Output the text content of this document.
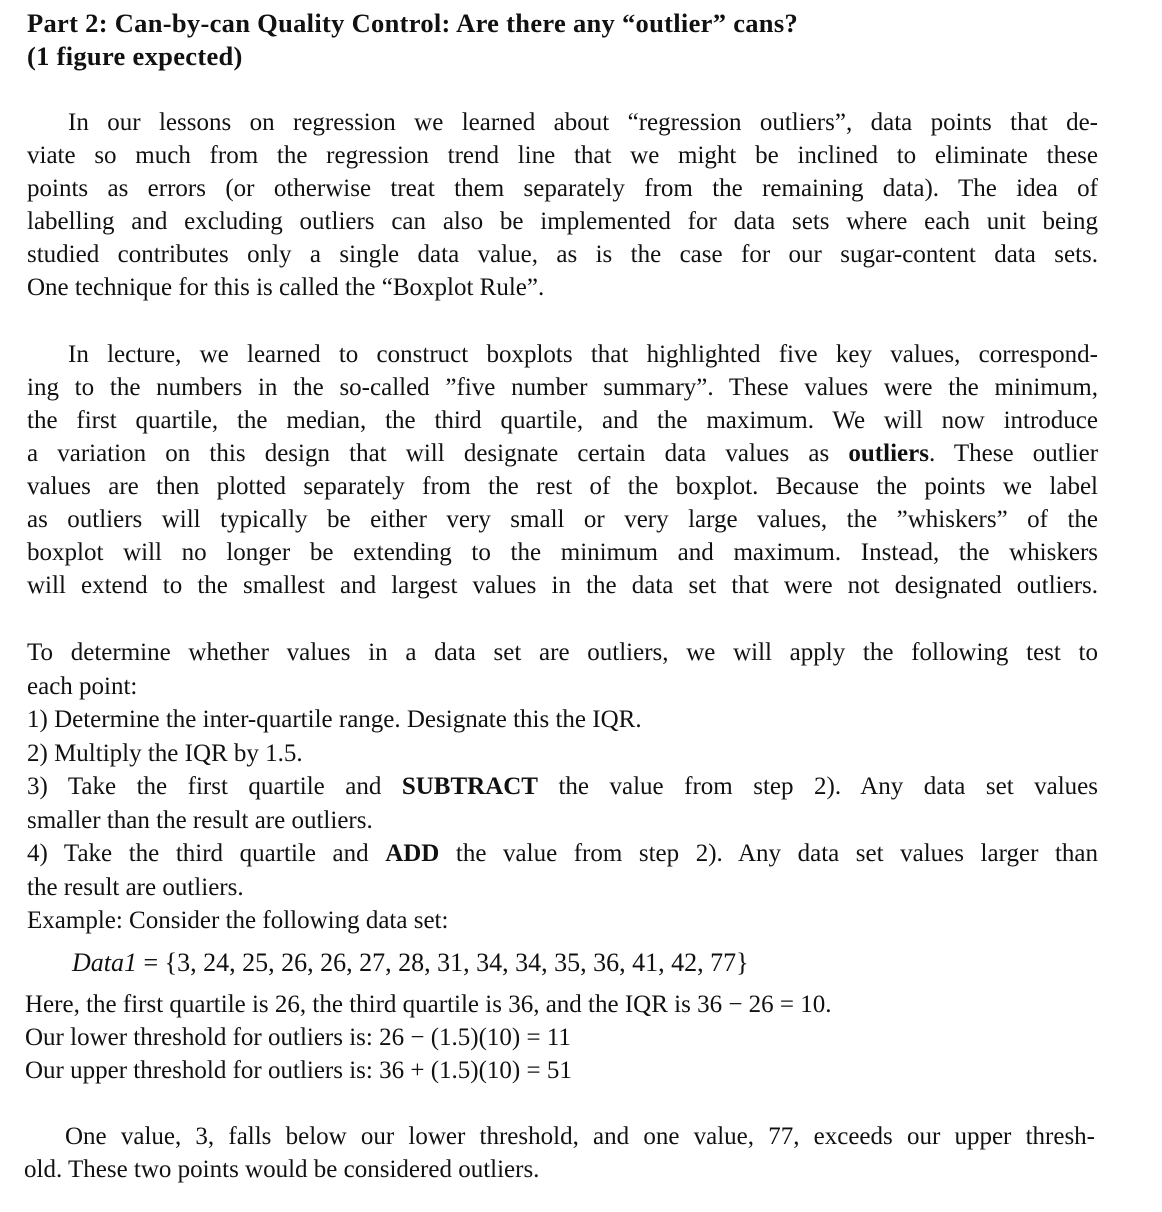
Part 2: Can-by-can Quality Control: Are there any “outlier” cans?
(1 figure expected)
In our lessons on regression we learned about “regression outliers”, data points that de-
viate so much from the regression trend line that we might be inclined to eliminate these
points as errors (or otherwise treat them separately from the remaining data). The idea of
labelling and excluding outliers can also be implemented for data sets where each unit being
studied contributes only a single data value, as is the case for our sugar-content data sets.
One technique for this is called the “Boxplot Rule”.
In lecture, we learned to construct boxplots that highlighted five key values, correspond-
ing to the numbers in the so-called ”five number summary”. These values were the minimum,
the first quartile, the median, the third quartile, and the maximum. We will now introduce
a variation on this design that will designate certain data values as outliers. These outlier
values are then plotted separately from the rest of the boxplot. Because the points we label
as outliers will typically be either very small or very large values, the ”whiskers” of the
boxplot will no longer be extending to the minimum and maximum. Instead, the whiskers
will extend to the smallest and largest values in the data set that were not designated outliers.
To determine whether values in a data set are outliers, we will apply the following test to
each point:
1) Determine the inter-quartile range. Designate this the IQR.
2) Multiply the IQR by 1.5.
3) Take the first quartile and SUBTRACT the value from step 2). Any data set values
smaller than the result are outliers.
4) Take the third quartile and ADD the value from step 2). Any data set values larger than
the result are outliers.
Example: Consider the following data set:
Data1 = {3, 24, 25, 26, 26, 27, 28, 31, 34, 34, 35, 36, 41, 42, 77}
Here, the first quartile is 26, the third quartile is 36, and the IQR is 36 − 26 = 10.
Our lower threshold for outliers is: 26 − (1.5)(10) = 11
Our upper threshold for outliers is: 36 + (1.5)(10) = 51
One value, 3, falls below our lower threshold, and one value, 77, exceeds our upper thresh-
old. These two points would be considered outliers.
